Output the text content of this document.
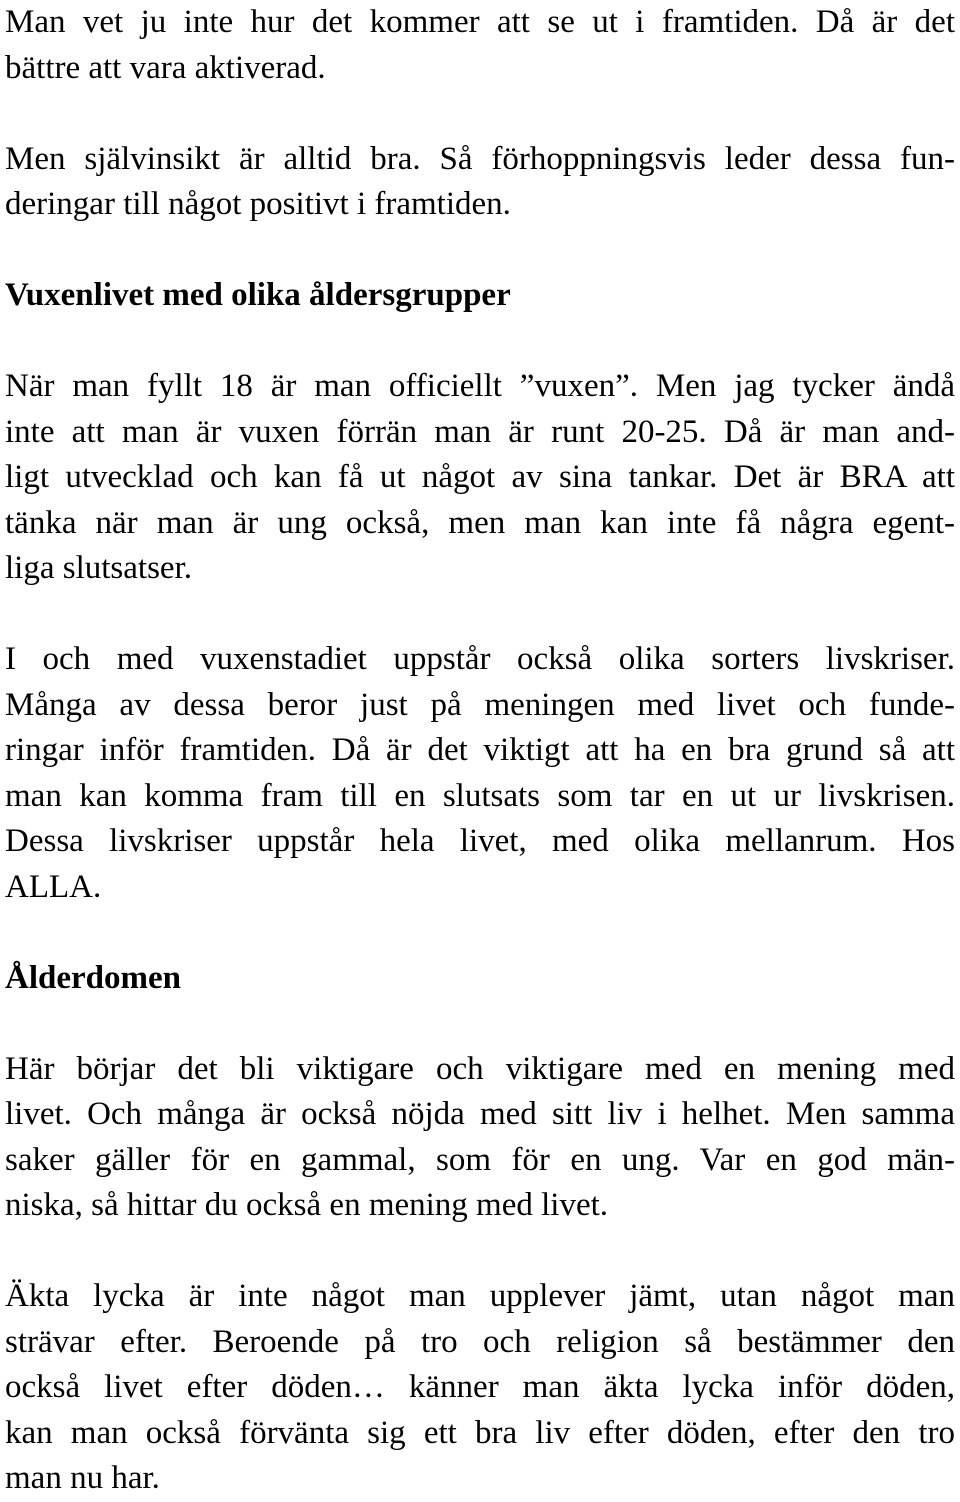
Man vet ju inte hur det kommer att se ut i framtiden. Då är det
bättre att vara aktiverad.
Men självinsikt är alltid bra. Så förhoppningsvis leder dessa fun-
deringar till något positivt i framtiden.
Vuxenlivet med olika åldersgrupper
När man fyllt 18 är man officiellt ”vuxen”. Men jag tycker ändå
inte att man är vuxen förrän man är runt 20-25. Då är man and-
ligt utvecklad och kan få ut något av sina tankar. Det är BRA att
tänka när man är ung också, men man kan inte få några egent-
liga slutsatser.
I och med vuxenstadiet uppstår också olika sorters livskriser.
Många av dessa beror just på meningen med livet och funde-
ringar inför framtiden. Då är det viktigt att ha en bra grund så att
man kan komma fram till en slutsats som tar en ut ur livskrisen.
Dessa livskriser uppstår hela livet, med olika mellanrum. Hos
ALLA.
Ålderdomen
Här börjar det bli viktigare och viktigare med en mening med
livet. Och många är också nöjda med sitt liv i helhet. Men samma
saker gäller för en gammal, som för en ung. Var en god män-
niska, så hittar du också en mening med livet.
Äkta lycka är inte något man upplever jämt, utan något man
strävar efter. Beroende på tro och religion så bestämmer den
också livet efter döden… känner man äkta lycka inför döden,
kan man också förvänta sig ett bra liv efter döden, efter den tro
man nu har.
